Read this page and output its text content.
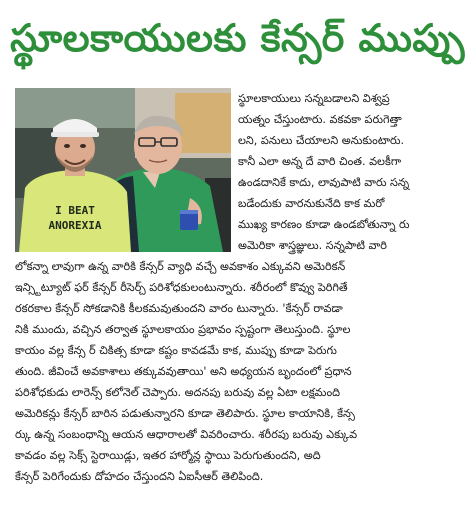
స్థూలకాయులకు కేన్సర్ ముప్పు
I BEAT
ANOREXIA
స్థూలకాయులు సన్నబడాలని విశ్వప్ర
యత్నం చేస్తుంటారు. వకవకా పరుగెత్తా
లని, పనులు చేయాలని అనుకుంటారు.
కానీ ఎలా అన్న దే వారి చింత. వలకీగా
ఉండదానికే కాదు, లావుపాటి వారు సన్న
బడేందుకు వారనుకునేది కాక మరో
ముఖ్య కారణం కూడా ఉండబోతున్నా రు
అమెరికా శాస్త్రజ్ఞులు. సన్నపాటి వారి
లోకన్నా లావుగా ఉన్న వారికి కేన్సర్ వ్యాధి వచ్చే అవకాశం ఎక్కువని అమెరికన్
ఇన్స్టిట్యూట్ ఫర్ కేన్సర్ రీసెర్చ్ పరిశోధకులంటున్నారు. శరీరంలో కొవ్వు పెరిగితే
రకరకాల కేన్సర్ సోకడానికి కీలకమవుతుందని వారం టున్నారు. 'కేన్సర్ రావడా
నికి ముందు, వచ్చిన తర్వాత స్థూలకాయం ప్రభావం స్పష్టంగా తెలుస్తుంది. స్థూల
కాయం వల్ల కేన్స ర్ చికిత్స కూడా కష్టం కావడమే కాక, ముప్పు కూడా పెరుగు
తుంది. జీవించే అవకాశాలు తక్కువవుతాయి' అని అధ్యయన బృందంలో ప్రధాన
పరిశోధకుడు లారెన్స్ కలోనెల్ చెప్పారు. అదనపు బరువు వల్ల ఏటా లక్షమంది
అమెరికన్లు కేన్సర్ బారిన పడుతున్నారని కూడా తెలిపారు. స్థూల కాయానికి, కేన్స
ర్కు ఉన్న సంబంధాన్ని ఆయన ఆధారాలతో వివరించారు. శరీరపు బరువు ఎక్కువ
కావడం వల్ల సెక్స్ స్టెరాయిడ్లు, ఇతర హార్మోన్ల స్థాయి పెరుగుతుందని, అది
కేన్సర్ పెరిగేందుకు దోహదం చేస్తుందని ఏఐసీఆర్ తెలిపింది.
